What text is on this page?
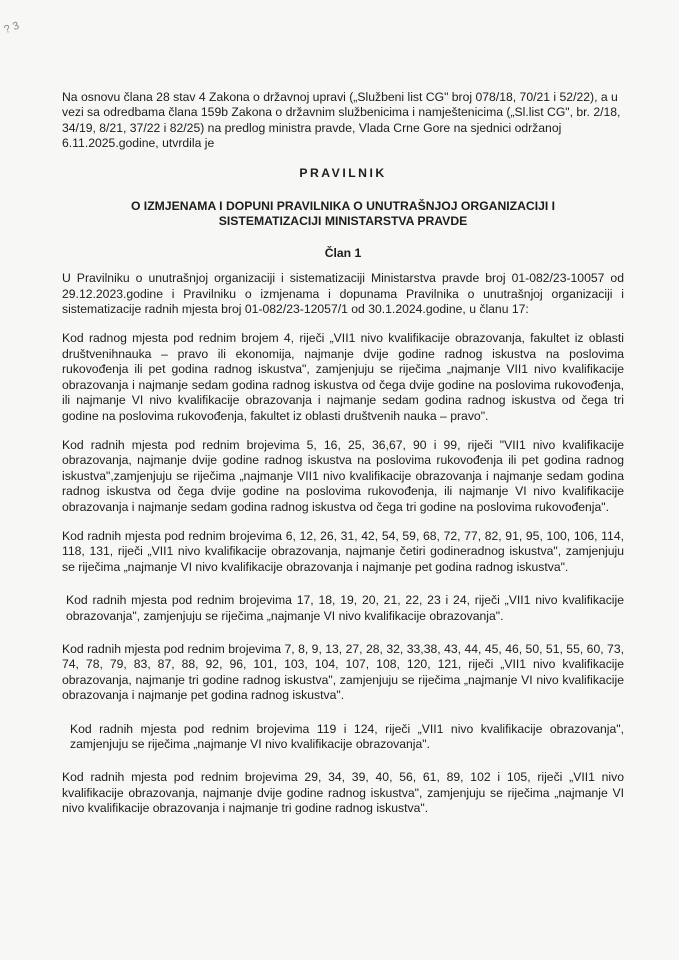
? 3

Na osnovu člana 28 stav 4 Zakona o državnoj upravi („Službeni list CG" broj 078/18, 70/21 i 52/22), a u vezi sa odredbama člana 159b Zakona o državnim službenicima i namještenicima („Sl.list CG", br. 2/18, 34/19, 8/21, 37/22 i 82/25) na predlog ministra pravde, Vlada Crne Gore na sjednici održanoj 6.11.2025.godine, utvrdila je

PRAVILNIK

O IZMJENAMA I DOPUNI PRAVILNIKA O UNUTRAŠNJOJ ORGANIZACIJI I
SISTEMATIZACIJI MINISTARSTVA PRAVDE

Član 1

U Pravilniku o unutrašnjoj organizaciji i sistematizaciji Ministarstva pravde broj 01-082/23-10057 od 29.12.2023.godine i Pravilniku o izmjenama i dopunama Pravilnika o unutrašnjoj organizaciji i sistematizacije radnih mjesta broj 01-082/23-12057/1 od 30.1.2024.godine, u članu 17:

Kod radnog mjesta pod rednim brojem 4, riječi „VII1 nivo kvalifikacije obrazovanja, fakultet iz oblasti društvenihnauka – pravo ili ekonomija, najmanje dvije godine radnog iskustva na poslovima rukovođenja ili pet godina radnog iskustva", zamjenjuju se riječima „najmanje VII1 nivo kvalifikacije obrazovanja i najmanje sedam godina radnog iskustva od čega dvije godine na poslovima rukovođenja, ili najmanje VI nivo kvalifikacije obrazovanja i najmanje sedam godina radnog iskustva od čega tri godine na poslovima rukovođenja, fakultet iz oblasti društvenih nauka – pravo".

Kod radnih mjesta pod rednim brojevima 5, 16, 25, 36,67, 90 i 99, riječi "VII1 nivo kvalifikacije obrazovanja, najmanje dvije godine radnog iskustva na poslovima rukovođenja ili pet godina radnog iskustva",zamjenjuju se riječima „najmanje VII1 nivo kvalifikacije obrazovanja i najmanje sedam godina radnog iskustva od čega dvije godine na poslovima rukovođenja, ili najmanje VI nivo kvalifikacije obrazovanja i najmanje sedam godina radnog iskustva od čega tri godine na poslovima rukovođenja".

Kod radnih mjesta pod rednim brojevima 6, 12, 26, 31, 42, 54, 59, 68, 72, 77, 82, 91, 95, 100, 106, 114, 118, 131, riječi „VII1 nivo kvalifikacije obrazovanja, najmanje četiri godineradnog iskustva", zamjenjuju se riječima „najmanje VI nivo kvalifikacije obrazovanja i najmanje pet godina radnog iskustva".

Kod radnih mjesta pod rednim brojevima 17, 18, 19, 20, 21, 22, 23 i 24, riječi „VII1 nivo kvalifikacije obrazovanja", zamjenjuju se riječima „najmanje VI nivo kvalifikacije obrazovanja".

Kod radnih mjesta pod rednim brojevima 7, 8, 9, 13, 27, 28, 32, 33,38, 43, 44, 45, 46, 50, 51, 55, 60, 73, 74, 78, 79, 83, 87, 88, 92, 96, 101, 103, 104, 107, 108, 120, 121, riječi „VII1 nivo kvalifikacije obrazovanja, najmanje tri godine radnog iskustva", zamjenjuju se riječima „najmanje VI nivo kvalifikacije obrazovanja i najmanje pet godina radnog iskustva".

Kod radnih mjesta pod rednim brojevima 119 i 124, riječi „VII1 nivo kvalifikacije obrazovanja", zamjenjuju se riječima „najmanje VI nivo kvalifikacije obrazovanja".

Kod radnih mjesta pod rednim brojevima 29, 34, 39, 40, 56, 61, 89, 102 i 105, riječi „VII1 nivo kvalifikacije obrazovanja, najmanje dvije godine radnog iskustva", zamjenjuju se riječima „najmanje VI nivo kvalifikacije obrazovanja i najmanje tri godine radnog iskustva".
